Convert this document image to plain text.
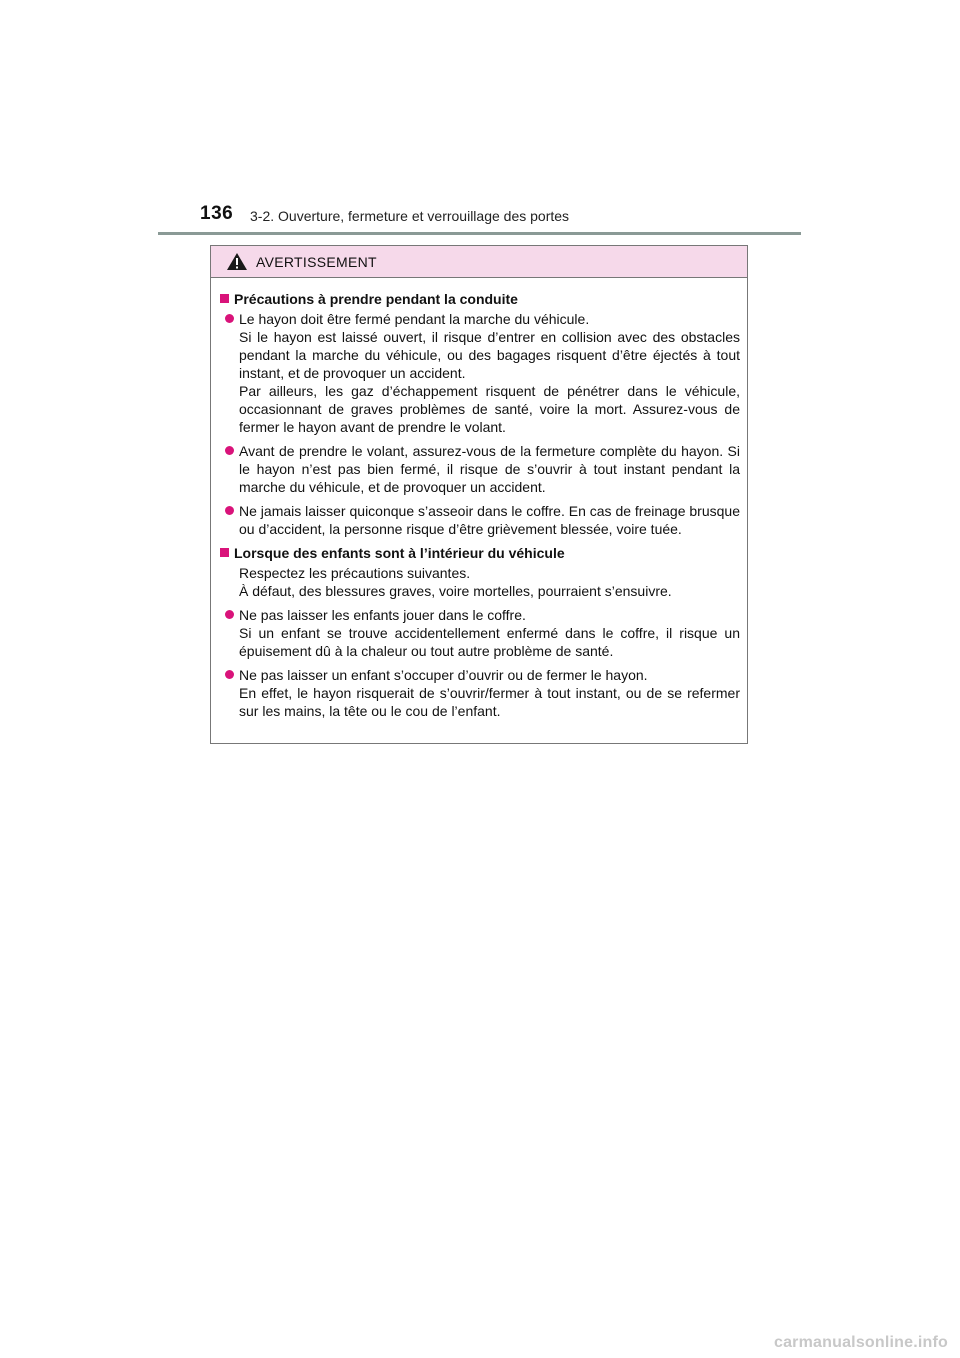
136 3-2. Ouverture, fermeture et verrouillage des portes
AVERTISSEMENT
Précautions à prendre pendant la conduite

Le hayon doit être fermé pendant la marche du véhicule.

Si le hayon est laissé ouvert, il risque d’entrer en collision avec des obstacles pendant la marche du véhicule, ou des bagages risquent d’être éjectés à tout instant, et de provoquer un accident.

Par ailleurs, les gaz d’échappement risquent de pénétrer dans le véhicule, occasionnant de graves problèmes de santé, voire la mort. Assurez-vous de fermer le hayon avant de prendre le volant.

Avant de prendre le volant, assurez-vous de la fermeture complète du hayon. Si le hayon n’est pas bien fermé, il risque de s’ouvrir à tout instant pendant la marche du véhicule, et de provoquer un accident.

Ne jamais laisser quiconque s’asseoir dans le coffre. En cas de freinage brusque ou d’accident, la personne risque d’être grièvement blessée, voire tuée.

Lorsque des enfants sont à l’intérieur du véhicule

Respectez les précautions suivantes.

À défaut, des blessures graves, voire mortelles, pourraient s’ensuivre.

Ne pas laisser les enfants jouer dans le coffre.

Si un enfant se trouve accidentellement enfermé dans le coffre, il risque un épuisement dû à la chaleur ou tout autre problème de santé.

Ne pas laisser un enfant s’occuper d’ouvrir ou de fermer le hayon.

En effet, le hayon risquerait de s’ouvrir/fermer à tout instant, ou de se refermer sur les mains, la tête ou le cou de l’enfant.

carmanualsonline.info
